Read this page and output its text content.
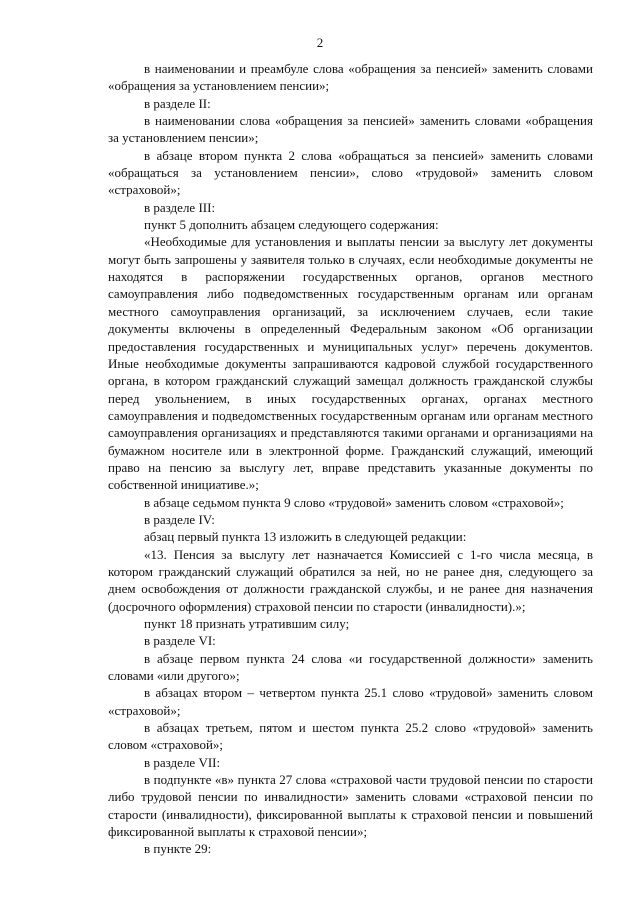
2

в наименовании и преамбуле слова «обращения за пенсией» заменить словами «обращения за установлением пенсии»;

в разделе II:

в наименовании слова «обращения за пенсией» заменить словами «обращения за установлением пенсии»;

в абзаце втором пункта 2 слова «обращаться за пенсией» заменить словами «обращаться за установлением пенсии», слово «трудовой» заменить словом «страховой»;

в разделе III:

пункт 5 дополнить абзацем следующего содержания:

«Необходимые для установления и выплаты пенсии за выслугу лет документы могут быть запрошены у заявителя только в случаях, если необходимые документы не находятся в распоряжении государственных органов, органов местного самоуправления либо подведомственных государственным органам или органам местного самоуправления организаций, за исключением случаев, если такие документы включены в определенный Федеральным законом «Об организации предоставления государственных и муниципальных услуг» перечень документов. Иные необходимые документы запрашиваются кадровой службой государственного органа, в котором гражданский служащий замещал должность гражданской службы перед увольнением, в иных государственных органах, органах местного самоуправления и подведомственных государственным органам или органам местного самоуправления организациях и представляются такими органами и организациями на бумажном носителе или в электронной форме. Гражданский служащий, имеющий право на пенсию за выслугу лет, вправе представить указанные документы по собственной инициативе.»;

в абзаце седьмом пункта 9 слово «трудовой» заменить словом «страховой»;

в разделе IV:

абзац первый пункта 13 изложить в следующей редакции:

«13. Пенсия за выслугу лет назначается Комиссией с 1-го числа месяца, в котором гражданский служащий обратился за ней, но не ранее дня, следующего за днем освобождения от должности гражданской службы, и не ранее дня назначения (досрочного оформления) страховой пенсии по старости (инвалидности).»;

пункт 18 признать утратившим силу;

в разделе VI:

в абзаце первом пункта 24 слова «и государственной должности» заменить словами «или другого»;

в абзацах втором – четвертом пункта 25.1 слово «трудовой» заменить словом «страховой»;

в абзацах третьем, пятом и шестом пункта 25.2 слово «трудовой» заменить словом «страховой»;

в разделе VII:

в подпункте «в» пункта 27 слова «страховой части трудовой пенсии по старости либо трудовой пенсии по инвалидности» заменить словами «страховой пенсии по старости (инвалидности), фиксированной выплаты к страховой пенсии и повышений фиксированной выплаты к страховой пенсии»;

в пункте 29:
